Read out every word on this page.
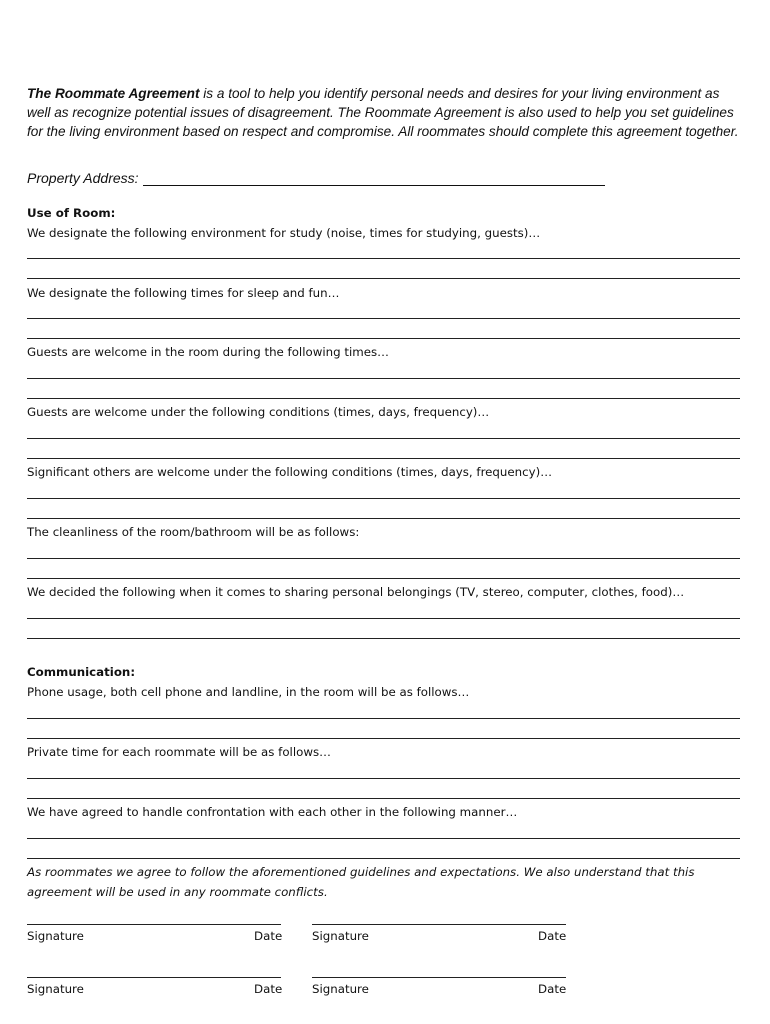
The Roommate Agreement is a tool to help you identify personal needs and desires for your living environment as well as recognize potential issues of disagreement. The Roommate Agreement is also used to help you set guidelines for the living environment based on respect and compromise. All roommates should complete this agreement together.

Property Address:
Use of Room:
We designate the following environment for study (noise, times for studying, guests)…
We designate the following times for sleep and fun…
Guests are welcome in the room during the following times…
Guests are welcome under the following conditions (times, days, frequency)…
Significant others are welcome under the following conditions (times, days, frequency)…
The cleanliness of the room/bathroom will be as follows:
We decided the following when it comes to sharing personal belongings (TV, stereo, computer, clothes, food)…
Communication:
Phone usage, both cell phone and landline, in the room will be as follows…
Private time for each roommate will be as follows…
We have agreed to handle confrontation with each other in the following manner…

As roommates we agree to follow the aforementioned guidelines and expectations. We also understand that this agreement will be used in any roommate conflicts.

Signature	Date	Signature	Date
Signature	Date	Signature	Date
